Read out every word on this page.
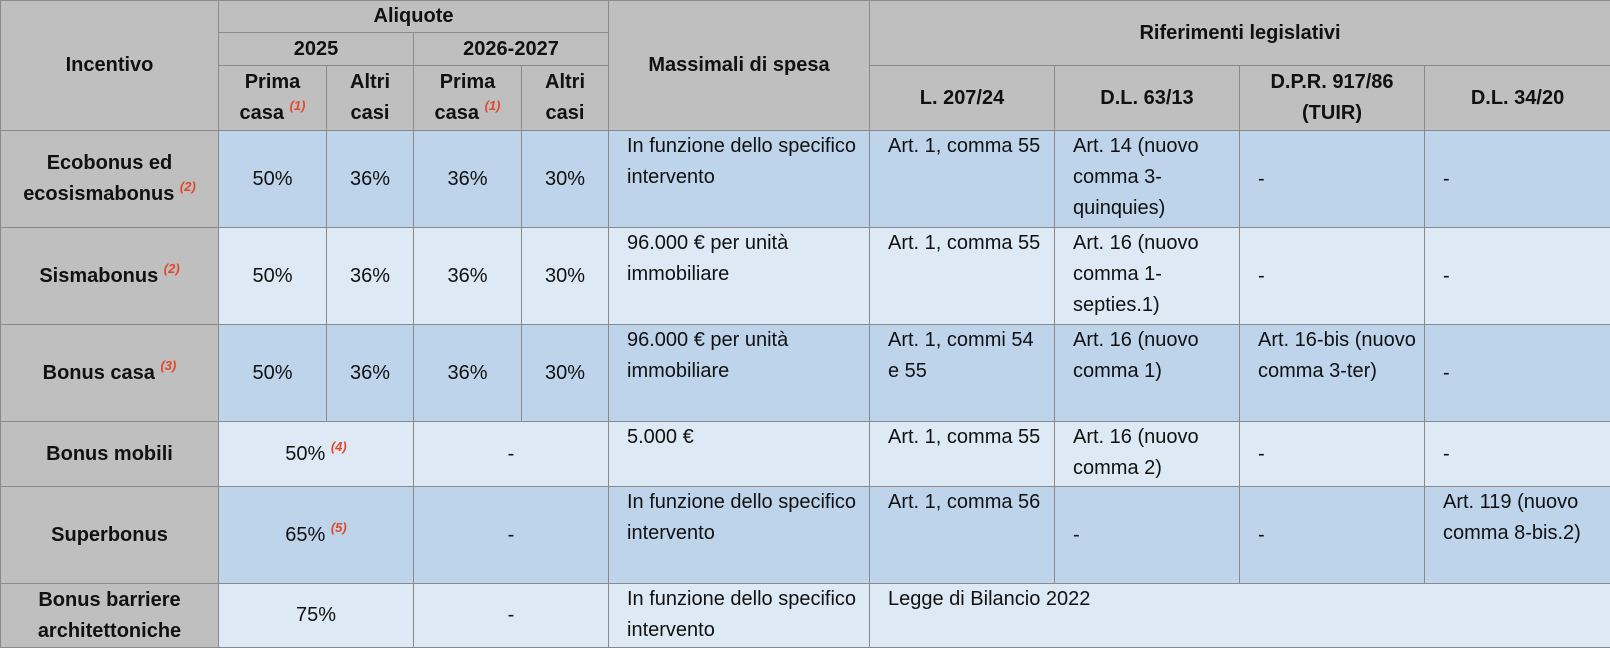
Incentivo	Aliquote				Massimali di spesa	Riferimenti legislativi			
	2025		2026-2027						
	Prima casa $^{(1)}$	Altri casi	Prima casa $^{(1)}$	Altri casi		L. 207/24	D.L. 63/13	D.P.R. 917/86 (TUIR)	D.L. 34/20
Ecobonus ed ecosismabonus $^{(2)}$	50%	36%	36%	30%	In funzione dello specifico intervento	Art. 1, comma 55	Art. 14 (nuovo comma 3-quinquies)	-	-
Sismabonus $^{(2)}$	50%	36%	36%	30%	96.000 € per unità immobiliare	Art. 1, comma 55	Art. 16 (nuovo comma 1-septies.1)	-	-
Bonus casa $^{(3)}$	50%	36%	36%	30%	96.000 € per unità immobiliare	Art. 1, commi 54 e 55	Art. 16 (nuovo comma 1)	Art. 16-bis (nuovo comma 3-ter)	-
Bonus mobili	50% $^{(4)}$		-		5.000 €	Art. 1, comma 55	Art. 16 (nuovo comma 2)	-	-
Superbonus	65% $^{(5)}$		-		In funzione dello specifico intervento	Art. 1, comma 56	-	-	Art. 119 (nuovo comma 8-bis.2)
Bonus barriere architettoniche	75%		-		In funzione dello specifico intervento	Legge di Bilancio 2022			
